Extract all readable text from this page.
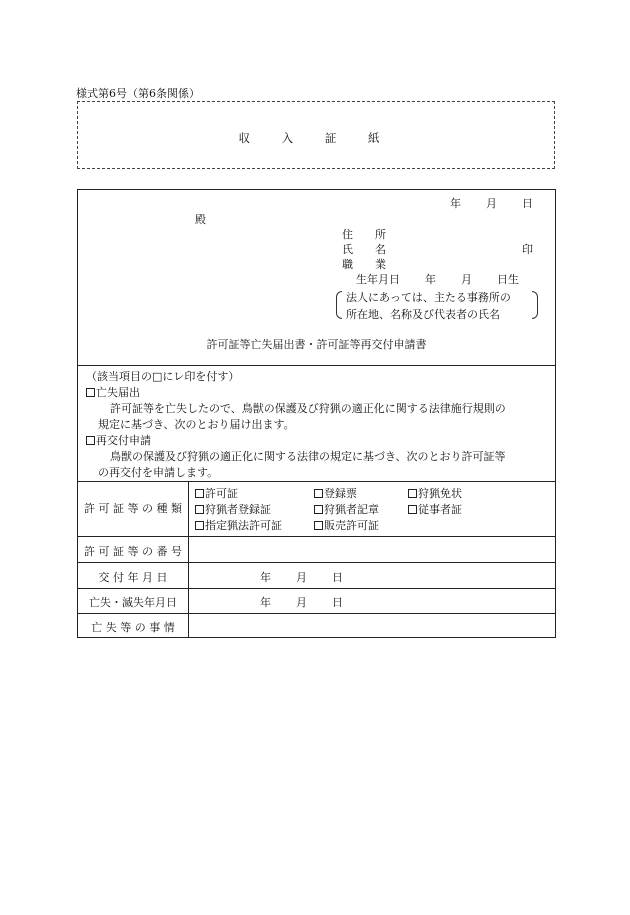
様式第6号（第6条関係）
収 入 証 紙
年 月 日
殿
住　　所
氏　　名	印
職　　業
生年月日 年 月 日生
法人にあっては、主たる事務所の
所在地、名称及び代表者の氏名
許可証等亡失届出書・許可証等再交付申請書
（該当項目の□にレ印を付す）
亡失届出
許可証等を亡失したので、鳥獣の保護及び狩猟の適正化に関する法律施行規則の
規定に基づき、次のとおり届け出ます。
再交付申請
鳥獣の保護及び狩猟の適正化に関する法律の規定に基づき、次のとおり許可証等
の再交付を申請します。
許 可 証 等 の 種 類
許可証	登録票	狩猟免状
狩猟者登録証	狩猟者記章	従事者証
指定猟法許可証	販売許可証
許 可 証 等 の 番 号
交 付 年 月 日	年 月 日
亡失・滅失年月日	年 月 日
亡 失 等 の 事 情
